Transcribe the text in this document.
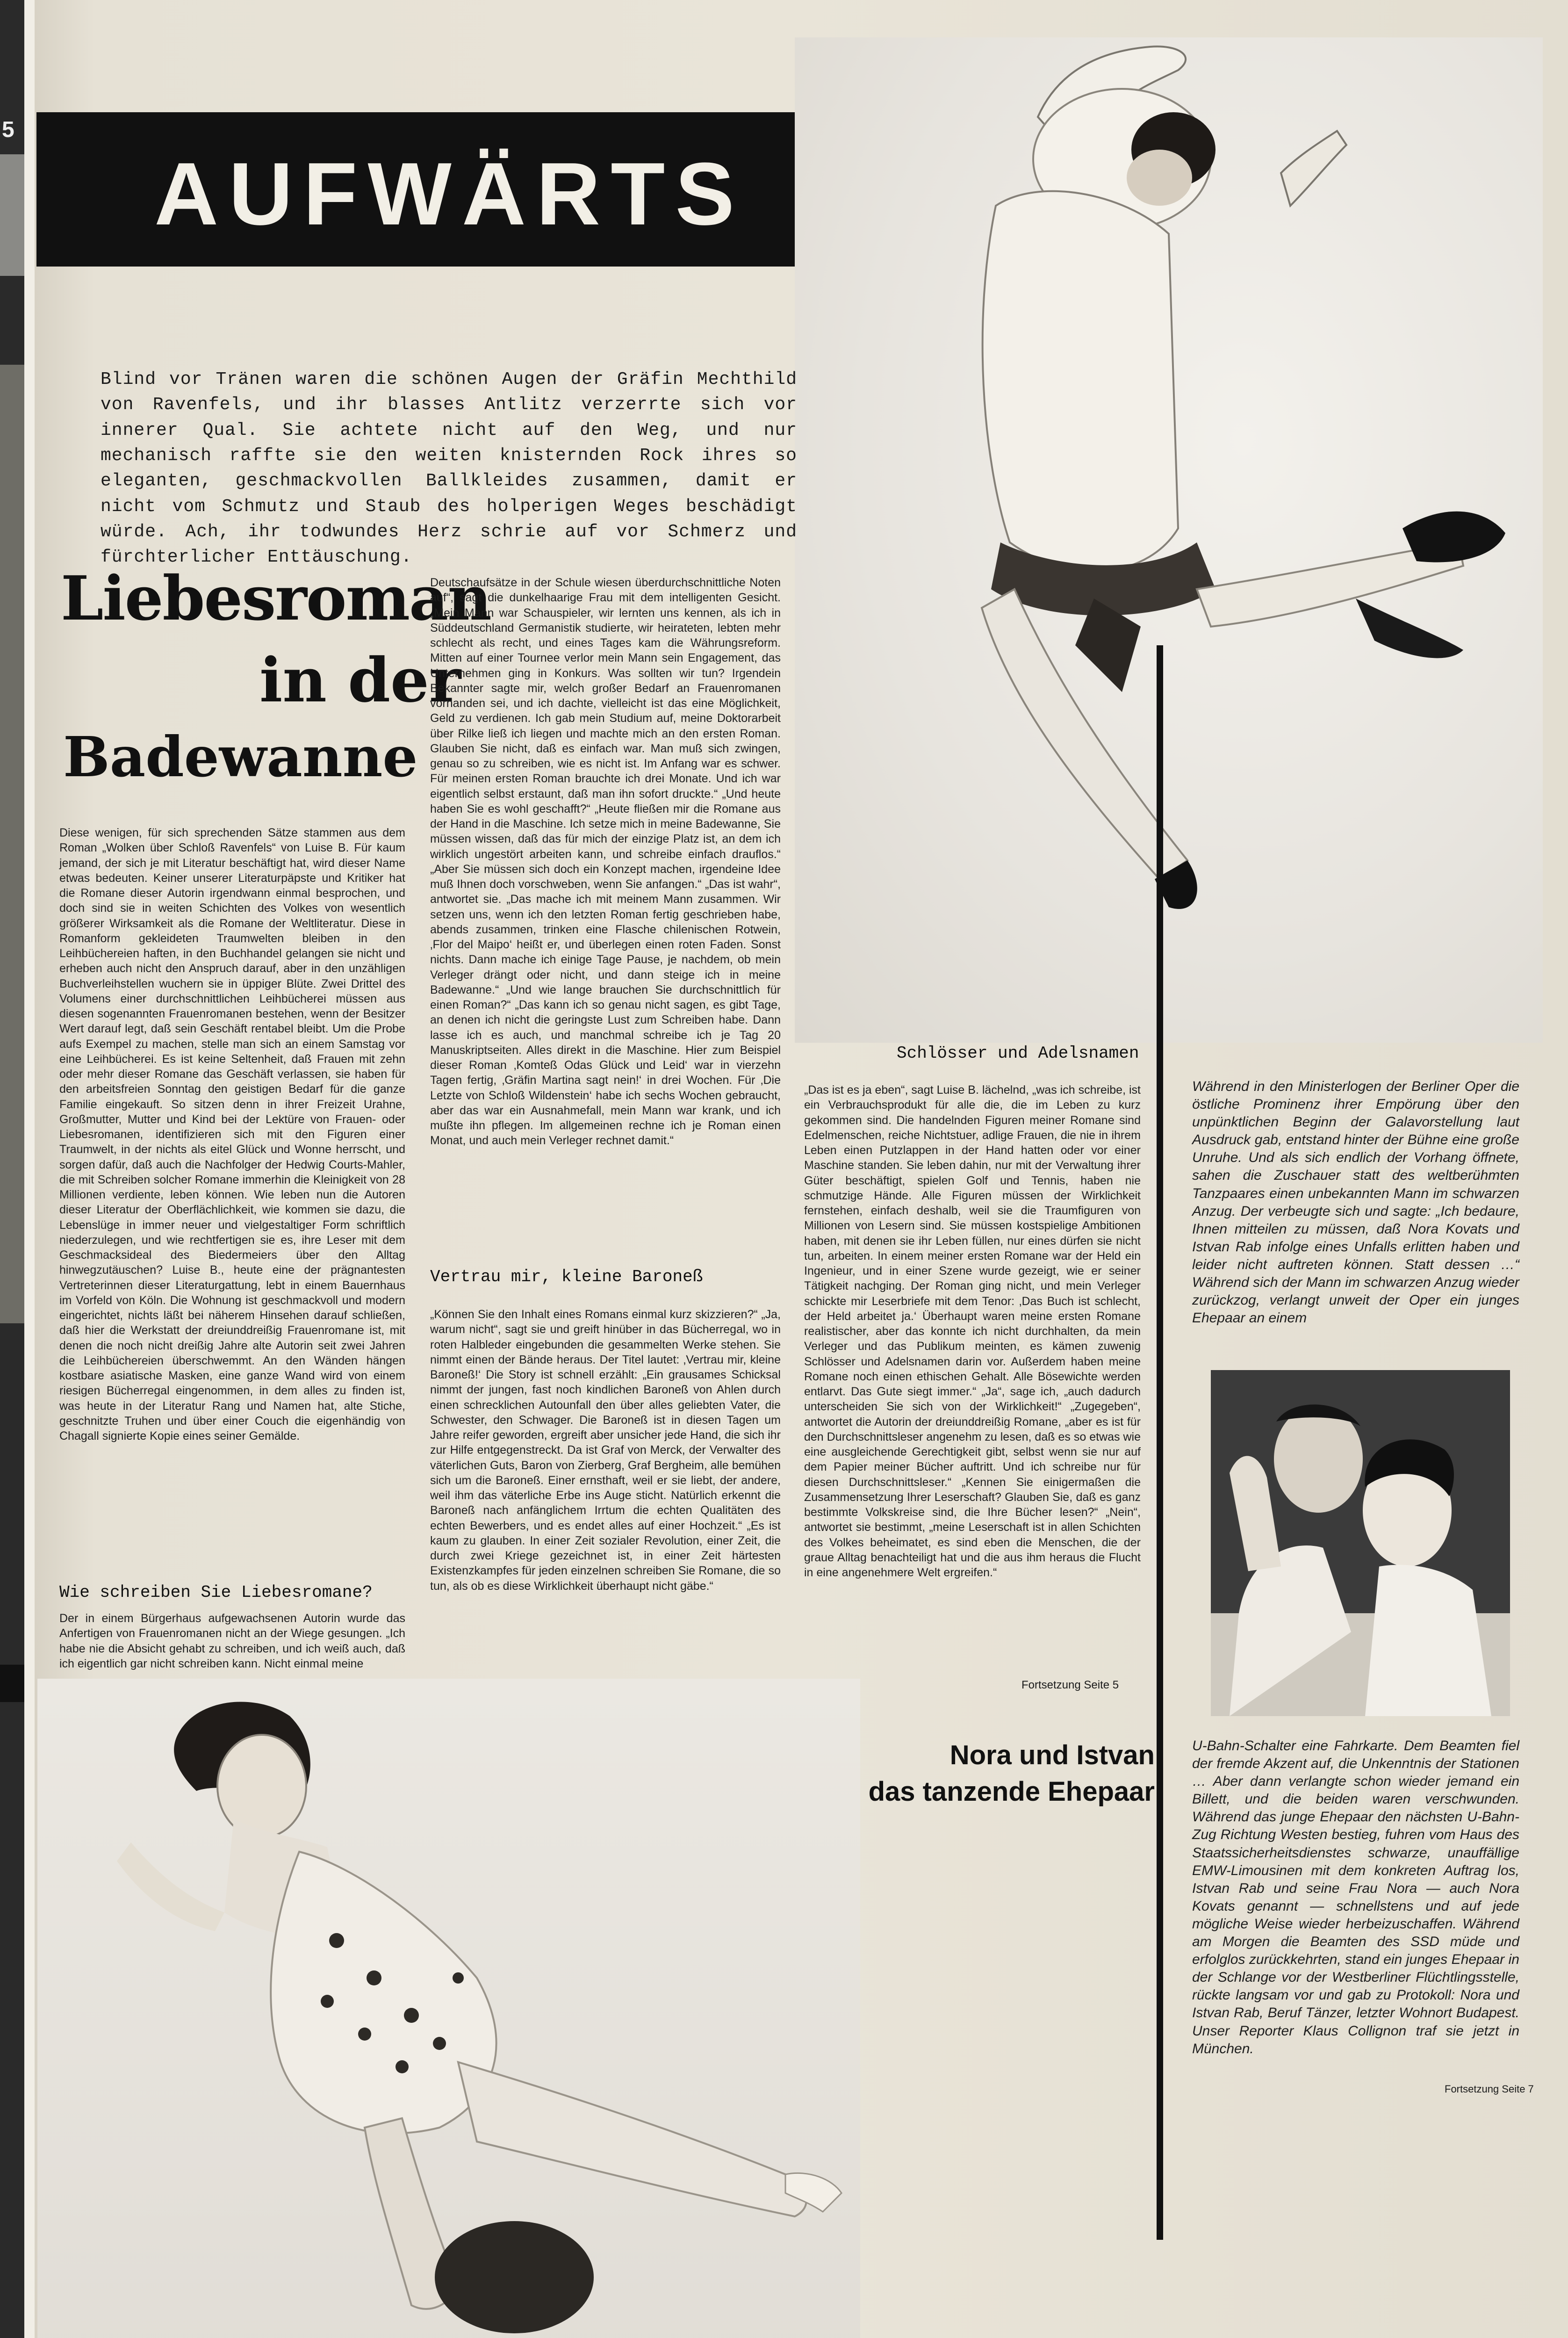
5
AUFWÄRTS
Blind vor Tränen waren die schönen Augen der Gräfin Mechthild von Ravenfels, und ihr blasses Antlitz verzerrte sich vor innerer Qual. Sie achtete nicht auf den Weg, und nur mechanisch raffte sie den weiten knisternden Rock ihres so eleganten, geschmackvollen Ballkleides zusammen, damit er nicht vom Schmutz und Staub des holperigen Weges beschädigt würde. Ach, ihr todwundes Herz schrie auf vor Schmerz und fürchterlicher Enttäuschung.
Liebesroman
in der
Badewanne

Diese wenigen, für sich sprechenden Sätze stammen aus dem Roman „Wolken über Schloß Ravenfels“ von Luise B. Für kaum jemand, der sich je mit Literatur beschäftigt hat, wird dieser Name etwas bedeuten. Keiner unserer Literaturpäpste und Kritiker hat die Romane dieser Autorin irgendwann einmal besprochen, und doch sind sie in weiten Schichten des Volkes von wesentlich größerer Wirksamkeit als die Romane der Weltliteratur. Diese in Romanform gekleideten Traumwelten bleiben in den Leihbüchereien haften, in den Buchhandel gelangen sie nicht und erheben auch nicht den Anspruch darauf, aber in den unzähligen Buchverleihstellen wuchern sie in üppiger Blüte. Zwei Drittel des Volumens einer durchschnittlichen Leihbücherei müssen aus diesen sogenannten Frauenromanen bestehen, wenn der Besitzer Wert darauf legt, daß sein Geschäft rentabel bleibt. Um die Probe aufs Exempel zu machen, stelle man sich an einem Samstag vor eine Leihbücherei. Es ist keine Seltenheit, daß Frauen mit zehn oder mehr dieser Romane das Geschäft verlassen, sie haben für den arbeitsfreien Sonntag den geistigen Bedarf für die ganze Familie eingekauft. So sitzen denn in ihrer Freizeit Urahne, Großmutter, Mutter und Kind bei der Lektüre von Frauen- oder Liebesromanen, identifizieren sich mit den Figuren einer Traumwelt, in der nichts als eitel Glück und Wonne herrscht, und sorgen dafür, daß auch die Nachfolger der Hedwig Courts-Mahler, die mit Schreiben solcher Romane immerhin die Kleinigkeit von 28 Millionen verdiente, leben können. Wie leben nun die Autoren dieser Literatur der Oberflächlichkeit, wie kommen sie dazu, die Lebenslüge in immer neuer und vielgestaltiger Form schriftlich niederzulegen, und wie rechtfertigen sie es, ihre Leser mit dem Geschmacksideal des Biedermeiers über den Alltag hinwegzutäuschen? Luise B., heute eine der prägnantesten Vertreterinnen dieser Literaturgattung, lebt in einem Bauernhaus im Vorfeld von Köln. Die Wohnung ist geschmackvoll und modern eingerichtet, nichts läßt bei näherem Hinsehen darauf schließen, daß hier die Werkstatt der dreiunddreißig Frauenromane ist, mit denen die noch nicht dreißig Jahre alte Autorin seit zwei Jahren die Leihbüchereien überschwemmt. An den Wänden hängen kostbare asiatische Masken, eine ganze Wand wird von einem riesigen Bücherregal eingenommen, in dem alles zu finden ist, was heute in der Literatur Rang und Namen hat, alte Stiche, geschnitzte Truhen und über einer Couch die eigenhändig von Chagall signierte Kopie eines seiner Gemälde.

Wie schreiben Sie Liebesromane?

Der in einem Bürgerhaus aufgewachsenen Autorin wurde das Anfertigen von Frauenromanen nicht an der Wiege gesungen. „Ich habe nie die Absicht gehabt zu schreiben, und ich weiß auch, daß ich eigentlich gar nicht schreiben kann. Nicht einmal meine

Deutschaufsätze in der Schule wiesen überdurchschnittliche Noten auf“, sagt die dunkelhaarige Frau mit dem intelligenten Gesicht. „Mein Mann war Schauspieler, wir lernten uns kennen, als ich in Süddeutschland Germanistik studierte, wir heirateten, lebten mehr schlecht als recht, und eines Tages kam die Währungsreform. Mitten auf einer Tournee verlor mein Mann sein Engagement, das Unternehmen ging in Konkurs. Was sollten wir tun? Irgendein Bekannter sagte mir, welch großer Bedarf an Frauenromanen vorhanden sei, und ich dachte, vielleicht ist das eine Möglichkeit, Geld zu verdienen. Ich gab mein Studium auf, meine Doktorarbeit über Rilke ließ ich liegen und machte mich an den ersten Roman. Glauben Sie nicht, daß es einfach war. Man muß sich zwingen, genau so zu schreiben, wie es nicht ist. Im Anfang war es schwer. Für meinen ersten Roman brauchte ich drei Monate. Und ich war eigentlich selbst erstaunt, daß man ihn sofort druckte.“ „Und heute haben Sie es wohl geschafft?“ „Heute fließen mir die Romane aus der Hand in die Maschine. Ich setze mich in meine Badewanne, Sie müssen wissen, daß das für mich der einzige Platz ist, an dem ich wirklich ungestört arbeiten kann, und schreibe einfach drauflos.“ „Aber Sie müssen sich doch ein Konzept machen, irgendeine Idee muß Ihnen doch vorschweben, wenn Sie anfangen.“ „Das ist wahr“, antwortet sie. „Das mache ich mit meinem Mann zusammen. Wir setzen uns, wenn ich den letzten Roman fertig geschrieben habe, abends zusammen, trinken eine Flasche chilenischen Rotwein, ‚Flor del Maipo‘ heißt er, und überlegen einen roten Faden. Sonst nichts. Dann mache ich einige Tage Pause, je nachdem, ob mein Verleger drängt oder nicht, und dann steige ich in meine Badewanne.“ „Und wie lange brauchen Sie durchschnittlich für einen Roman?“ „Das kann ich so genau nicht sagen, es gibt Tage, an denen ich nicht die geringste Lust zum Schreiben habe. Dann lasse ich es auch, und manchmal schreibe ich je Tag 20 Manuskriptseiten. Alles direkt in die Maschine. Hier zum Beispiel dieser Roman ‚Komteß Odas Glück und Leid‘ war in vierzehn Tagen fertig, ‚Gräfin Martina sagt nein!‘ in drei Wochen. Für ‚Die Letzte von Schloß Wildenstein‘ habe ich sechs Wochen gebraucht, aber das war ein Ausnahmefall, mein Mann war krank, und ich mußte ihn pflegen. Im allgemeinen rechne ich je Roman einen Monat, und auch mein Verleger rechnet damit.“

Vertrau mir, kleine Baroneß

„Können Sie den Inhalt eines Romans einmal kurz skizzieren?“ „Ja, warum nicht“, sagt sie und greift hinüber in das Bücherregal, wo in roten Halbleder eingebunden die gesammelten Werke stehen. Sie nimmt einen der Bände heraus. Der Titel lautet: ‚Vertrau mir, kleine Baroneß!‘ Die Story ist schnell erzählt: „Ein grausames Schicksal nimmt der jungen, fast noch kindlichen Baroneß von Ahlen durch einen schrecklichen Autounfall den über alles geliebten Vater, die Schwester, den Schwager. Die Baroneß ist in diesen Tagen um Jahre reifer geworden, ergreift aber unsicher jede Hand, die sich ihr zur Hilfe entgegenstreckt. Da ist Graf von Merck, der Verwalter des väterlichen Guts, Baron von Zierberg, Graf Bergheim, alle bemühen sich um die Baroneß. Einer ernsthaft, weil er sie liebt, der andere, weil ihm das väterliche Erbe ins Auge sticht. Natürlich erkennt die Baroneß nach anfänglichem Irrtum die echten Qualitäten des echten Bewerbers, und es endet alles auf einer Hochzeit.“ „Es ist kaum zu glauben. In einer Zeit sozialer Revolution, einer Zeit, die durch zwei Kriege gezeichnet ist, in einer Zeit härtesten Existenzkampfes für jeden einzelnen schreiben Sie Romane, die so tun, als ob es diese Wirklichkeit überhaupt nicht gäbe.“

Schlösser und Adelsnamen

„Das ist es ja eben“, sagt Luise B. lächelnd, „was ich schreibe, ist ein Verbrauchsprodukt für alle die, die im Leben zu kurz gekommen sind. Die handelnden Figuren meiner Romane sind Edelmenschen, reiche Nichtstuer, adlige Frauen, die nie in ihrem Leben einen Putzlappen in der Hand hatten oder vor einer Maschine standen. Sie leben dahin, nur mit der Verwaltung ihrer Güter beschäftigt, spielen Golf und Tennis, haben nie schmutzige Hände. Alle Figuren müssen der Wirklichkeit fernstehen, einfach deshalb, weil sie die Traumfiguren von Millionen von Lesern sind. Sie müssen kostspielige Ambitionen haben, mit denen sie ihr Leben füllen, nur eines dürfen sie nicht tun, arbeiten. In einem meiner ersten Romane war der Held ein Ingenieur, und in einer Szene wurde gezeigt, wie er seiner Tätigkeit nachging. Der Roman ging nicht, und mein Verleger schickte mir Leserbriefe mit dem Tenor: ‚Das Buch ist schlecht, der Held arbeitet ja.‘ Überhaupt waren meine ersten Romane realistischer, aber das konnte ich nicht durchhalten, da mein Verleger und das Publikum meinten, es kämen zuwenig Schlösser und Adelsnamen darin vor. Außerdem haben meine Romane noch einen ethischen Gehalt. Alle Bösewichte werden entlarvt. Das Gute siegt immer.“ „Ja“, sage ich, „auch dadurch unterscheiden Sie sich von der Wirklichkeit!“ „Zugegeben“, antwortet die Autorin der dreiunddreißig Romane, „aber es ist für den Durchschnittsleser angenehm zu lesen, daß es so etwas wie eine ausgleichende Gerechtigkeit gibt, selbst wenn sie nur auf dem Papier meiner Bücher auftritt. Und ich schreibe nur für diesen Durchschnittsleser.“ „Kennen Sie einigermaßen die Zusammensetzung Ihrer Leserschaft? Glauben Sie, daß es ganz bestimmte Volkskreise sind, die Ihre Bücher lesen?“ „Nein“, antwortet sie bestimmt, „meine Leserschaft ist in allen Schichten des Volkes beheimatet, es sind eben die Menschen, die der graue Alltag benachteiligt hat und die aus ihm heraus die Flucht in eine angenehmere Welt ergreifen.“

Fortsetzung Seite 5

Während in den Ministerlogen der Berliner Oper die östliche Prominenz ihrer Empörung über den unpünktlichen Beginn der Galavorstellung laut Ausdruck gab, entstand hinter der Bühne eine große Unruhe. Und als sich endlich der Vorhang öffnete, sahen die Zuschauer statt des weltberühmten Tanzpaares einen unbekannten Mann im schwarzen Anzug. Der verbeugte sich und sagte: „Ich bedaure, Ihnen mitteilen zu müssen, daß Nora Kovats und Istvan Rab infolge eines Unfalls erlitten haben und leider nicht auftreten können. Statt dessen …“ Während sich der Mann im schwarzen Anzug wieder zurückzog, verlangt unweit der Oper ein junges Ehepaar an einem

U-Bahn-Schalter eine Fahrkarte. Dem Beamten fiel der fremde Akzent auf, die Unkenntnis der Stationen … Aber dann verlangte schon wieder jemand ein Billett, und die beiden waren verschwunden. Während das junge Ehepaar den nächsten U-Bahn-Zug Richtung Westen bestieg, fuhren vom Haus des Staatssicherheitsdienstes schwarze, unauffällige EMW-Limousinen mit dem konkreten Auftrag los, Istvan Rab und seine Frau Nora — auch Nora Kovats genannt — schnellstens und auf jede mögliche Weise wieder herbeizuschaffen. Während am Morgen die Beamten des SSD müde und erfolglos zurückkehrten, stand ein junges Ehepaar in der Schlange vor der Westberliner Flüchtlingsstelle, rückte langsam vor und gab zu Protokoll: Nora und Istvan Rab, Beruf Tänzer, letzter Wohnort Budapest. Unser Reporter Klaus Collignon traf sie jetzt in München.

Fortsetzung Seite 7
Nora und Istvan
das tanzende Ehepaar
